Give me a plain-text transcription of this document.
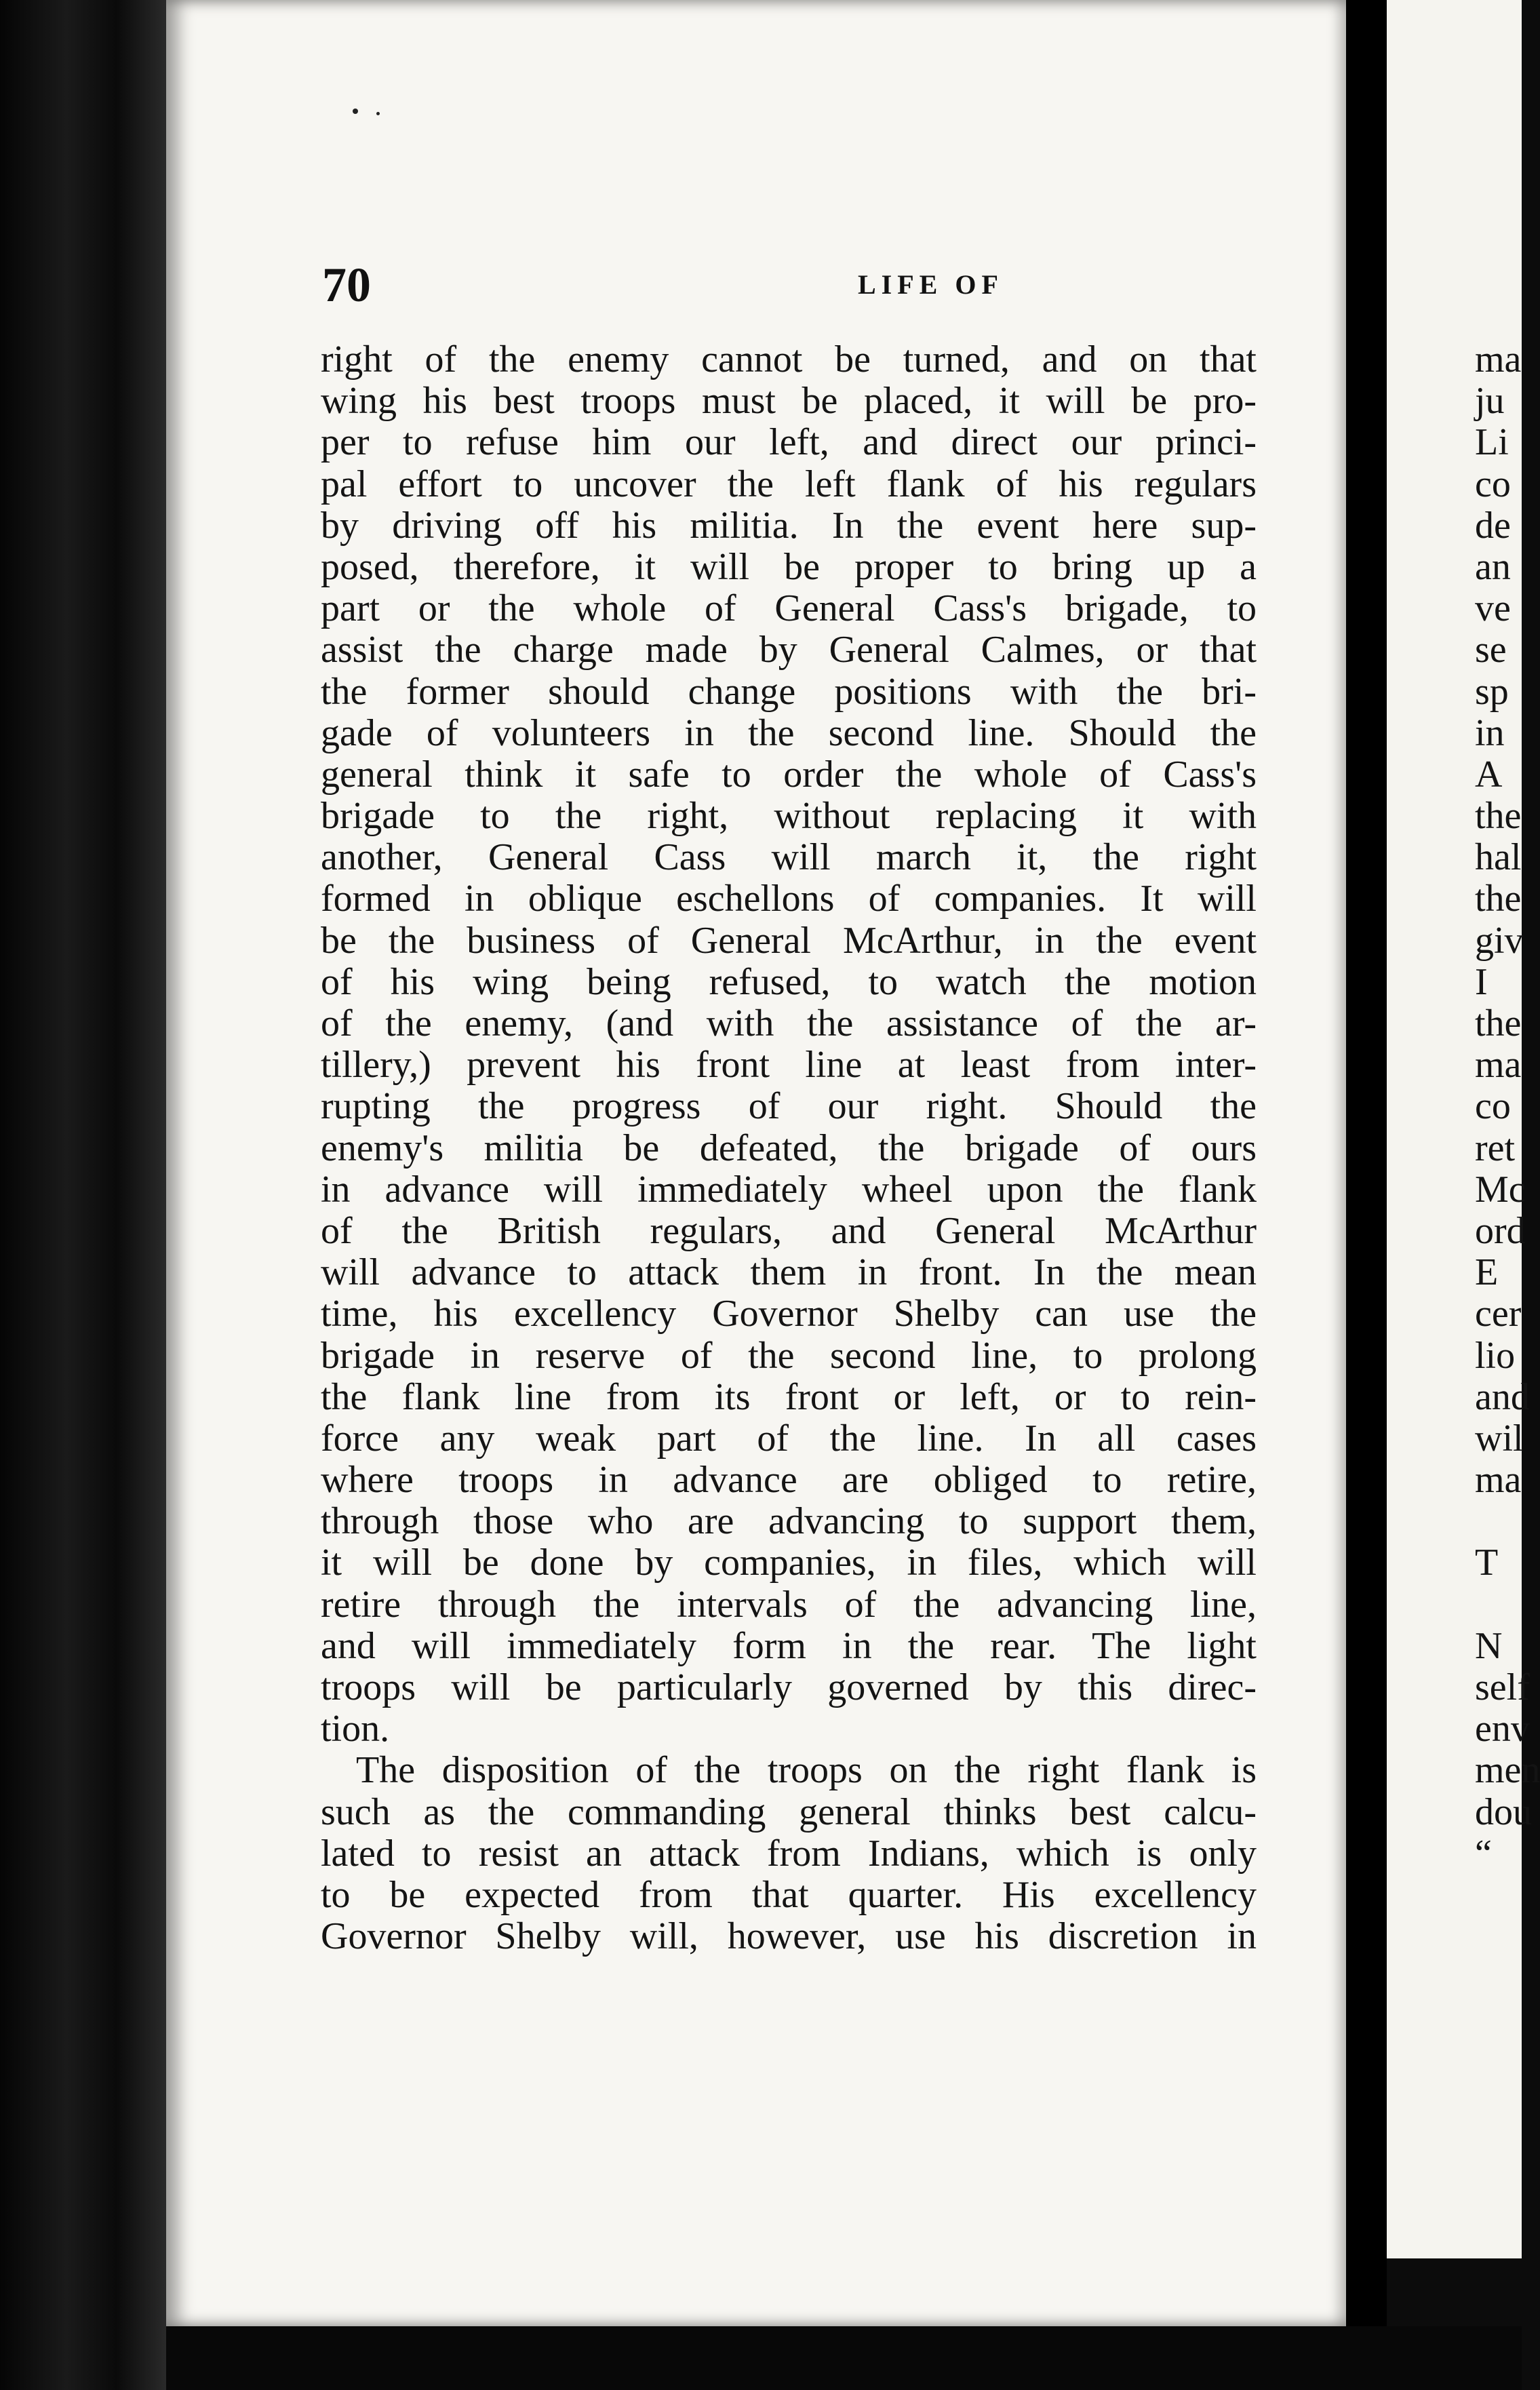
70	LIFE OF
right of the enemy cannot be turned, and on that
wing his best troops must be placed, it will be pro-
per to refuse him our left, and direct our princi-
pal effort to uncover the left flank of his regulars
by driving off his militia. In the event here sup-
posed, therefore, it will be proper to bring up a
part or the whole of General Cass's brigade, to
assist the charge made by General Calmes, or that
the former should change positions with the bri-
gade of volunteers in the second line. Should the
general think it safe to order the whole of Cass's
brigade to the right, without replacing it with
another, General Cass will march it, the right
formed in oblique eschellons of companies. It will
be the business of General McArthur, in the event
of his wing being refused, to watch the motion
of the enemy, (and with the assistance of the ar-
tillery,) prevent his front line at least from inter-
rupting the progress of our right. Should the
enemy's militia be defeated, the brigade of ours
in advance will immediately wheel upon the flank
of the British regulars, and General McArthur
will advance to attack them in front. In the mean
time, his excellency Governor Shelby can use the
brigade in reserve of the second line, to prolong
the flank line from its front or left, or to rein-
force any weak part of the line. In all cases
where troops in advance are obliged to retire,
through those who are advancing to support them,
it will be done by companies, in files, which will
retire through the intervals of the advancing line,
and will immediately form in the rear. The light
troops will be particularly governed by this direc-
tion.
The disposition of the troops on the right flank is
such as the commanding general thinks best calcu-
lated to resist an attack from Indians, which is only
to be expected from that quarter. His excellency
Governor Shelby will, however, use his discretion in
ma
ju
Li
co
de
an
ve
se
sp
in
A
the
hal
the
giv
I
the
ma
co
ret
Mc
ord
E
cer
lio
and
wil
ma
T
N
self
env
men
dou
“
